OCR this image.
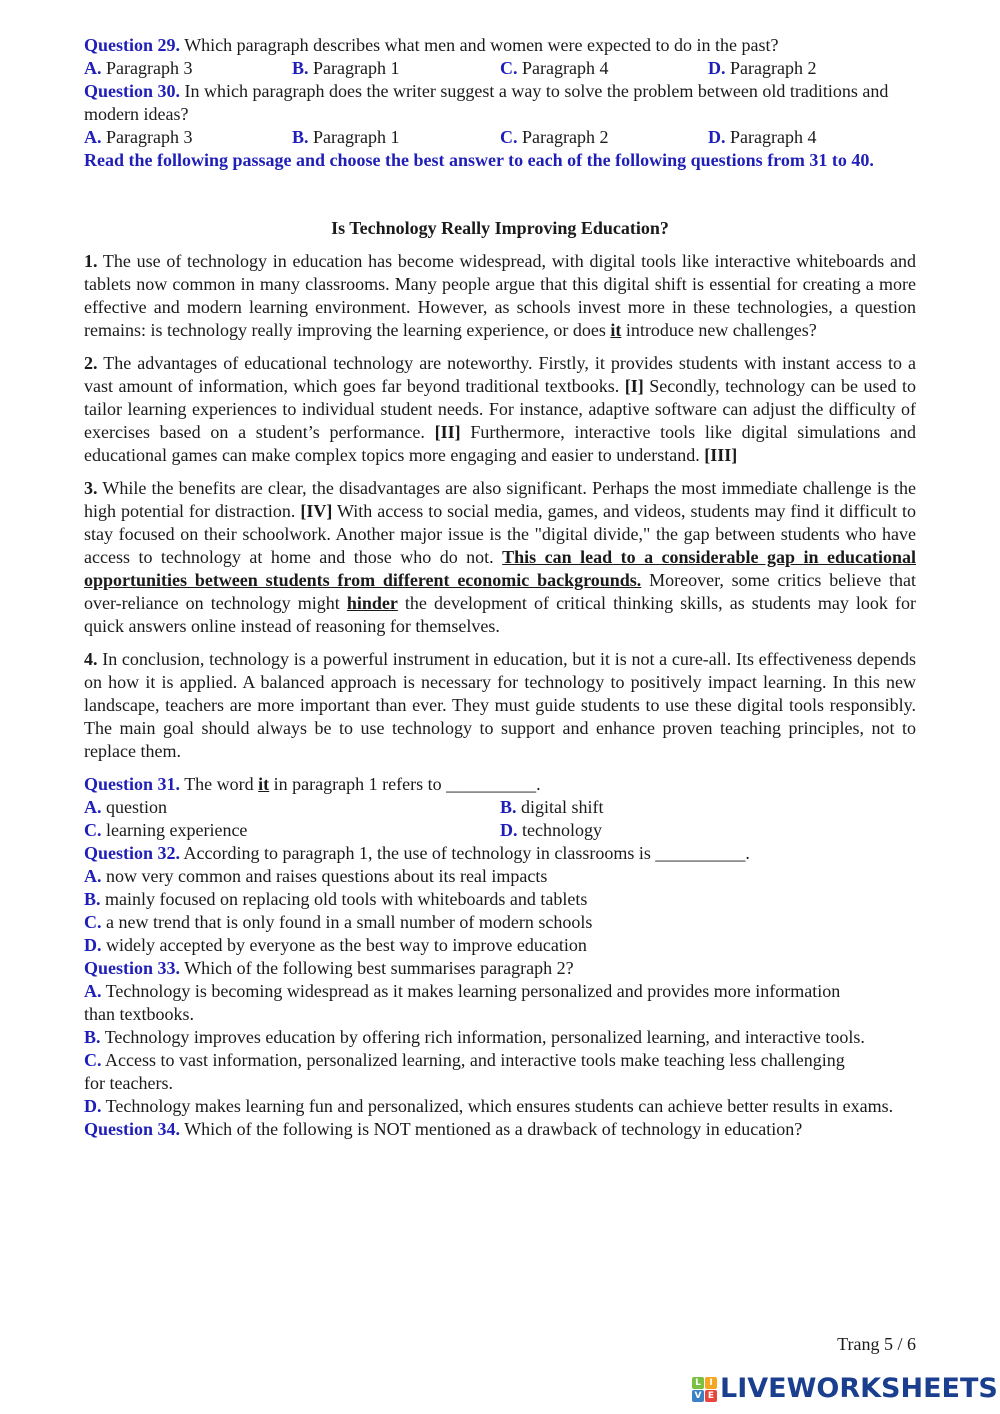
Question 29. Which paragraph describes what men and women were expected to do in the past?
A. Paragraph 3	B. Paragraph 1	C. Paragraph 4	D. Paragraph 2
Question 30. In which paragraph does the writer suggest a way to solve the problem between old traditions and modern ideas?
A. Paragraph 3	B. Paragraph 1	C. Paragraph 2	D. Paragraph 4
Read the following passage and choose the best answer to each of the following questions from 31 to 40.
Is Technology Really Improving Education?

1. The use of technology in education has become widespread, with digital tools like interactive whiteboards and tablets now common in many classrooms. Many people argue that this digital shift is essential for creating a more effective and modern learning environment. However, as schools invest more in these technologies, a question remains: is technology really improving the learning experience, or does it introduce new challenges?

2. The advantages of educational technology are noteworthy. Firstly, it provides students with instant access to a vast amount of information, which goes far beyond traditional textbooks. [I] Secondly, technology can be used to tailor learning experiences to individual student needs. For instance, adaptive software can adjust the difficulty of exercises based on a student’s performance. [II] Furthermore, interactive tools like digital simulations and educational games can make complex topics more engaging and easier to understand. [III]

3. While the benefits are clear, the disadvantages are also significant. Perhaps the most immediate challenge is the high potential for distraction. [IV] With access to social media, games, and videos, students may find it difficult to stay focused on their schoolwork. Another major issue is the "digital divide," the gap between students who have access to technology at home and those who do not. This can lead to a considerable gap in educational opportunities between students from different economic backgrounds. Moreover, some critics believe that over-reliance on technology might hinder the development of critical thinking skills, as students may look for quick answers online instead of reasoning for themselves.

4. In conclusion, technology is a powerful instrument in education, but it is not a cure-all. Its effectiveness depends on how it is applied. A balanced approach is necessary for technology to positively impact learning. In this new landscape, teachers are more important than ever. They must guide students to use these digital tools responsibly. The main goal should always be to use technology to support and enhance proven teaching principles, not to replace them.

Question 31. The word it in paragraph 1 refers to __________.
A. question	B. digital shift
C. learning experience	D. technology
Question 32. According to paragraph 1, the use of technology in classrooms is __________.
A. now very common and raises questions about its real impacts
B. mainly focused on replacing old tools with whiteboards and tablets
C. a new trend that is only found in a small number of modern schools
D. widely accepted by everyone as the best way to improve education
Question 33. Which of the following best summarises paragraph 2?
A. Technology is becoming widespread as it makes learning personalized and provides more information than textbooks.
B. Technology improves education by offering rich information, personalized learning, and interactive tools.
C. Access to vast information, personalized learning, and interactive tools make teaching less challenging for teachers.
D. Technology makes learning fun and personalized, which ensures students can achieve better results in exams.
Question 34. Which of the following is NOT mentioned as a drawback of technology in education?
Trang 5 / 6
L I
V E LIVEWORKSHEETS
